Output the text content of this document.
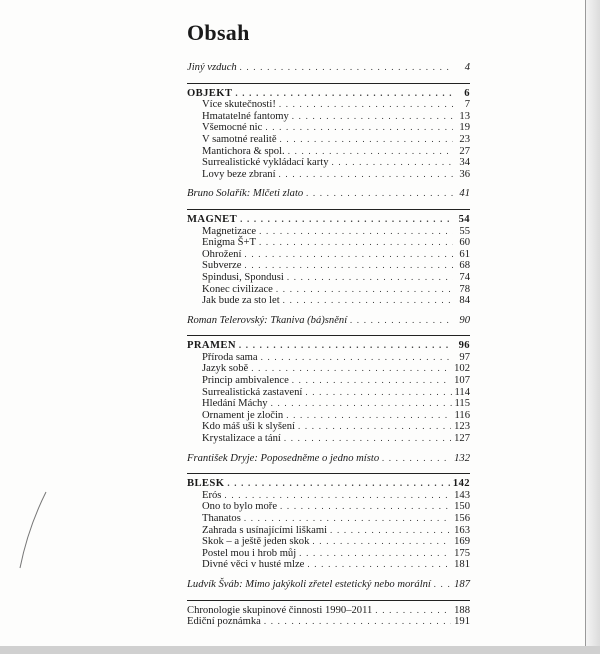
Obsah
Jiný vzduch . . .	4
OBJEKT . . .	6
Více skutečnosti! . . .	7
Hmatatelné fantomy . . .	13
Všemocné nic . . .	19
V samotné realitě . . .	23
Mantichora & spol. . . .	27
Surrealistické vykládací karty . . .	34
Lovy beze zbraní . . .	36
Bruno Solařík: Mlčeti zlato . . .	41
MAGNET . . .	54
Magnetizace . . .	55
Enigma Š+T . . .	60
Ohrožení . . .	61
Subverze . . .	68
Spindusi, Spondusi . . .	74
Konec civilizace . . .	78
Jak bude za sto let . . .	84
Roman Telerovský: Tkaniva (bá)snění . . .	90
PRAMEN . . .	96
Příroda sama . . .	97
Jazyk sobě . . .	102
Princip ambivalence . . .	107
Surrealistická zastavení . . .	114
Hledání Máchy . . .	115
Ornament je zločin . . .	116
Kdo máš uši k slyšení . . .	123
Krystalizace a tání . . .	127
František Dryje: Poposedněme o jedno místo . . .	132
BLESK . . .	142
Erós . . .	143
Ono to bylo moře . . .	150
Thanatos . . .	156
Zahrada s usínajícími liškami . . .	163
Skok – a ještě jeden skok . . .	169
Postel mou i hrob můj . . .	175
Divné věci v husté mlze . . .	181
Ludvík Šváb: Mimo jakýkoli zřetel estetický nebo morální . . . 187
Chronologie skupinové činnosti 1990–2011 . . .	188
Ediční poznámka . . .	191
